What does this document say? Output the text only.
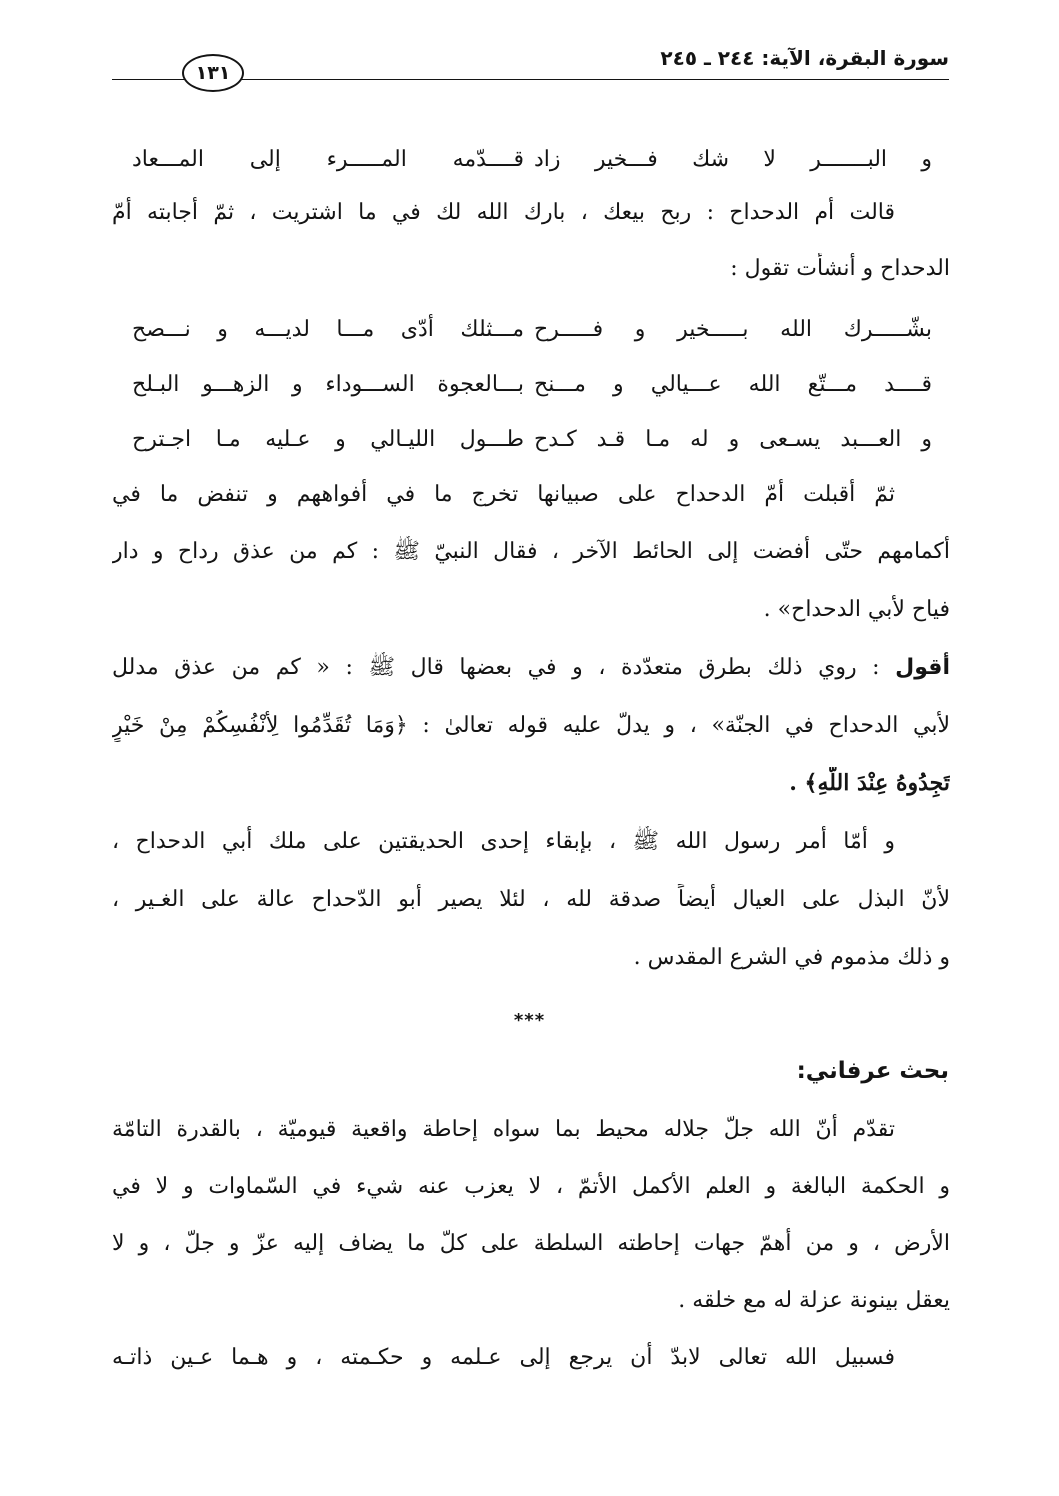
سورة البقرة، الآية: ٢٤٤ ـ ٢٤٥
١٣١
و البـــــــر لا شك فـــخير زاد
قــــدّمه المـــــرء إلى المـــعاد
قالت أم الدحداح : ربح بيعك ، بارك الله لك في ما اشتريت ، ثمّ أجابته أُمّ
الدحداح و أنشأت تقول :
بشّـــــرك الله بـــــخير و فـــــرح
مـــثلك أدّى مـــا لديـــه و نـــصح
قــــد مـــتّع الله عـــيالي و مـــنح
بـــالعجوة الســـوداء و الزهـــو البـلح
و العـــبد يسـعى و له مـا قـد كـدح
طـــول الليـالي و عـليه مـا اجـترح
ثمّ أقبلت أُمّ الدحداح على صبيانها تخرج ما في أفواههم و تنفض ما في
أكمامهم حتّى أفضت إلى الحائط الآخر ، فقال النبيّ ﷺ : كم من عذق رداح و دار
فياح لأبي الدحداح» .
أقول : روي ذلك بطرق متعدّدة ، و في بعضها قال ﷺ : « كم من عذق مدلل
لأبي الدحداح في الجنّة» ، و يدلّ عليه قوله تعالىٰ : ﴿وَمَا تُقَدِّمُوا لِأَنْفُسِكُمْ مِنْ خَيْرٍ
تَجِدُوهُ عِنْدَ اللَّهِ﴾ .
و أمّا أمر رسول الله ﷺ ، بإبقاء إحدى الحديقتين على ملك أبي الدحداح ،
لأنّ البذل على العيال أيضاً صدقة لله ، لئلا يصير أبو الدّحداح عالة على الغـير ،
و ذلك مذموم في الشرع المقدس .
***
بحث عرفاني:
تقدّم أنّ الله جلّ جلاله محيط بما سواه إحاطة واقعية قيوميّة ، بالقدرة التامّة
و الحكمة البالغة و العلم الأكمل الأتمّ ، لا يعزب عنه شيء في السّماوات و لا في
الأرض ، و من أهمّ جهات إحاطته السلطة على كلّ ما يضاف إليه عزّ و جلّ ، و لا
يعقل بينونة عزلة له مع خلقه .
فسبيل الله تعالى لابدّ أن يرجع إلى عـلمه و حكـمته ، و هـما عـين ذاتـه
